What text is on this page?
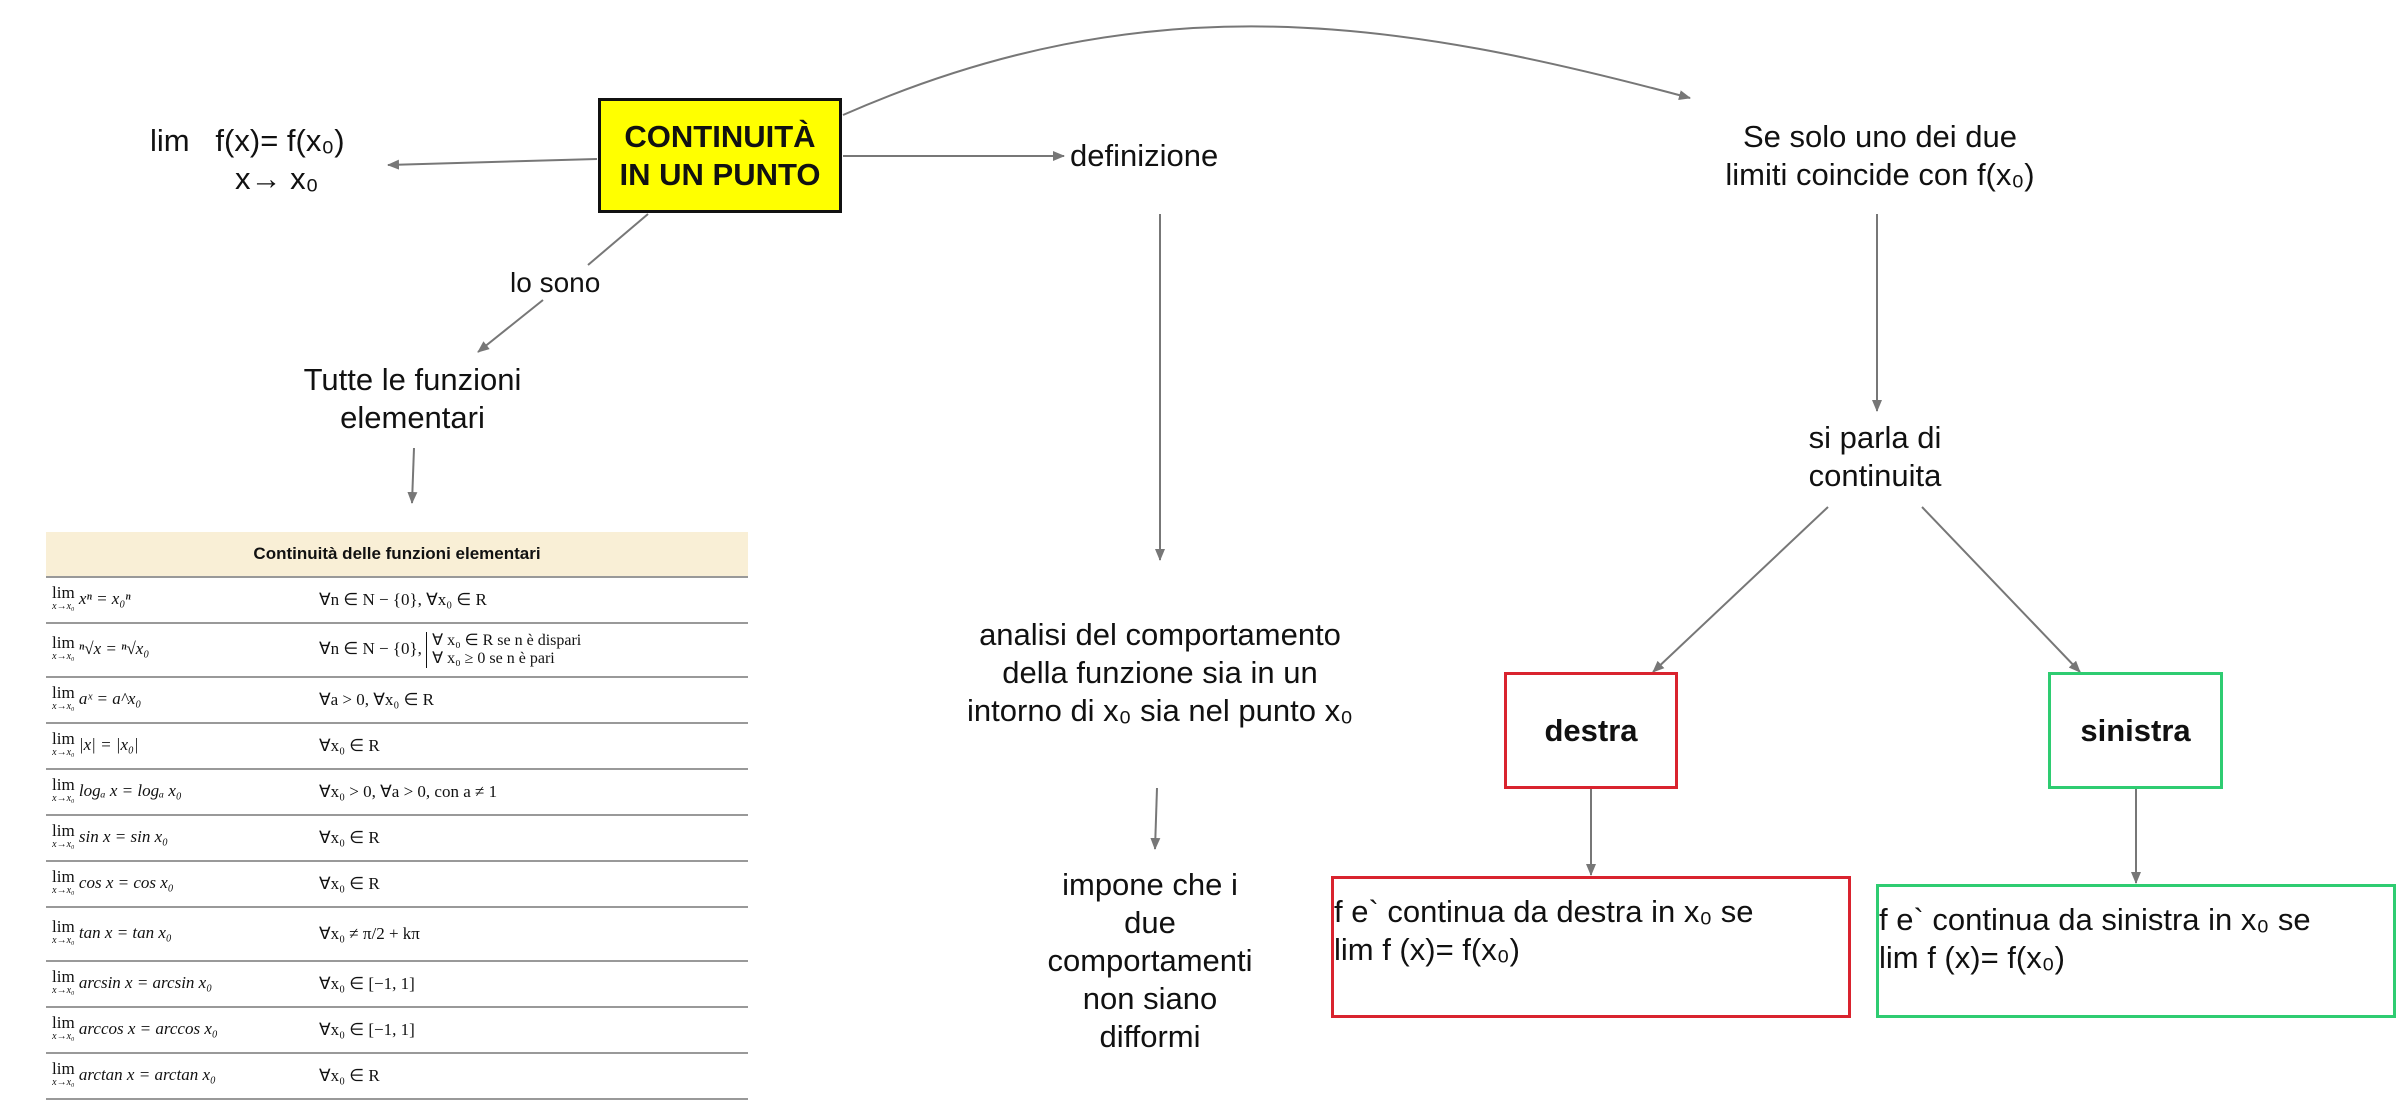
CONTINUITÀ
IN UN PUNTO
lim   f(x)= f(x₀)
x→ x₀
lo sono
Tutte le funzioni
elementari
definizione
analisi del comportamento
della funzione sia in un
intorno di x₀ sia nel punto x₀
impone che i
due
comportamenti
non siano
difformi
Se solo uno dei due
limiti coincide con f(x₀)
si parla di
continuita
destra	sinistra
f e` continua da destra in x₀ se
lim f (x)= f(x₀)
f e` continua da sinistra in x₀ se
lim f (x)= f(x₀)
Continuità delle funzioni elementari	
lim
x→x₀ xⁿ = x₀ⁿ	∀n ∈ N − {0}, ∀x₀ ∈ R
lim
x→x₀ ⁿ√x = ⁿ√x₀	∀n ∈ N − {0}, ∀ x₀ ∈ R se n è dispari
∀ x₀ ≥ 0 se n è pari

lim
x→x₀ aˣ = a^x₀	∀a > 0, ∀x₀ ∈ R
lim
x→x₀ |x| = |x₀|	∀x₀ ∈ R
lim
x→x₀ logₐ x = logₐ x₀	∀x₀ > 0, ∀a > 0, con a ≠ 1
lim
x→x₀ sin x = sin x₀	∀x₀ ∈ R
lim
x→x₀ cos x = cos x₀	∀x₀ ∈ R
lim
x→x₀ tan x = tan x₀	∀x₀ ≠ π/2 + kπ
lim
x→x₀ arcsin x = arcsin x₀	∀x₀ ∈ [−1, 1]
lim
x→x₀ arccos x = arccos x₀	∀x₀ ∈ [−1, 1]
lim
x→x₀ arctan x = arctan x₀	∀x₀ ∈ R
